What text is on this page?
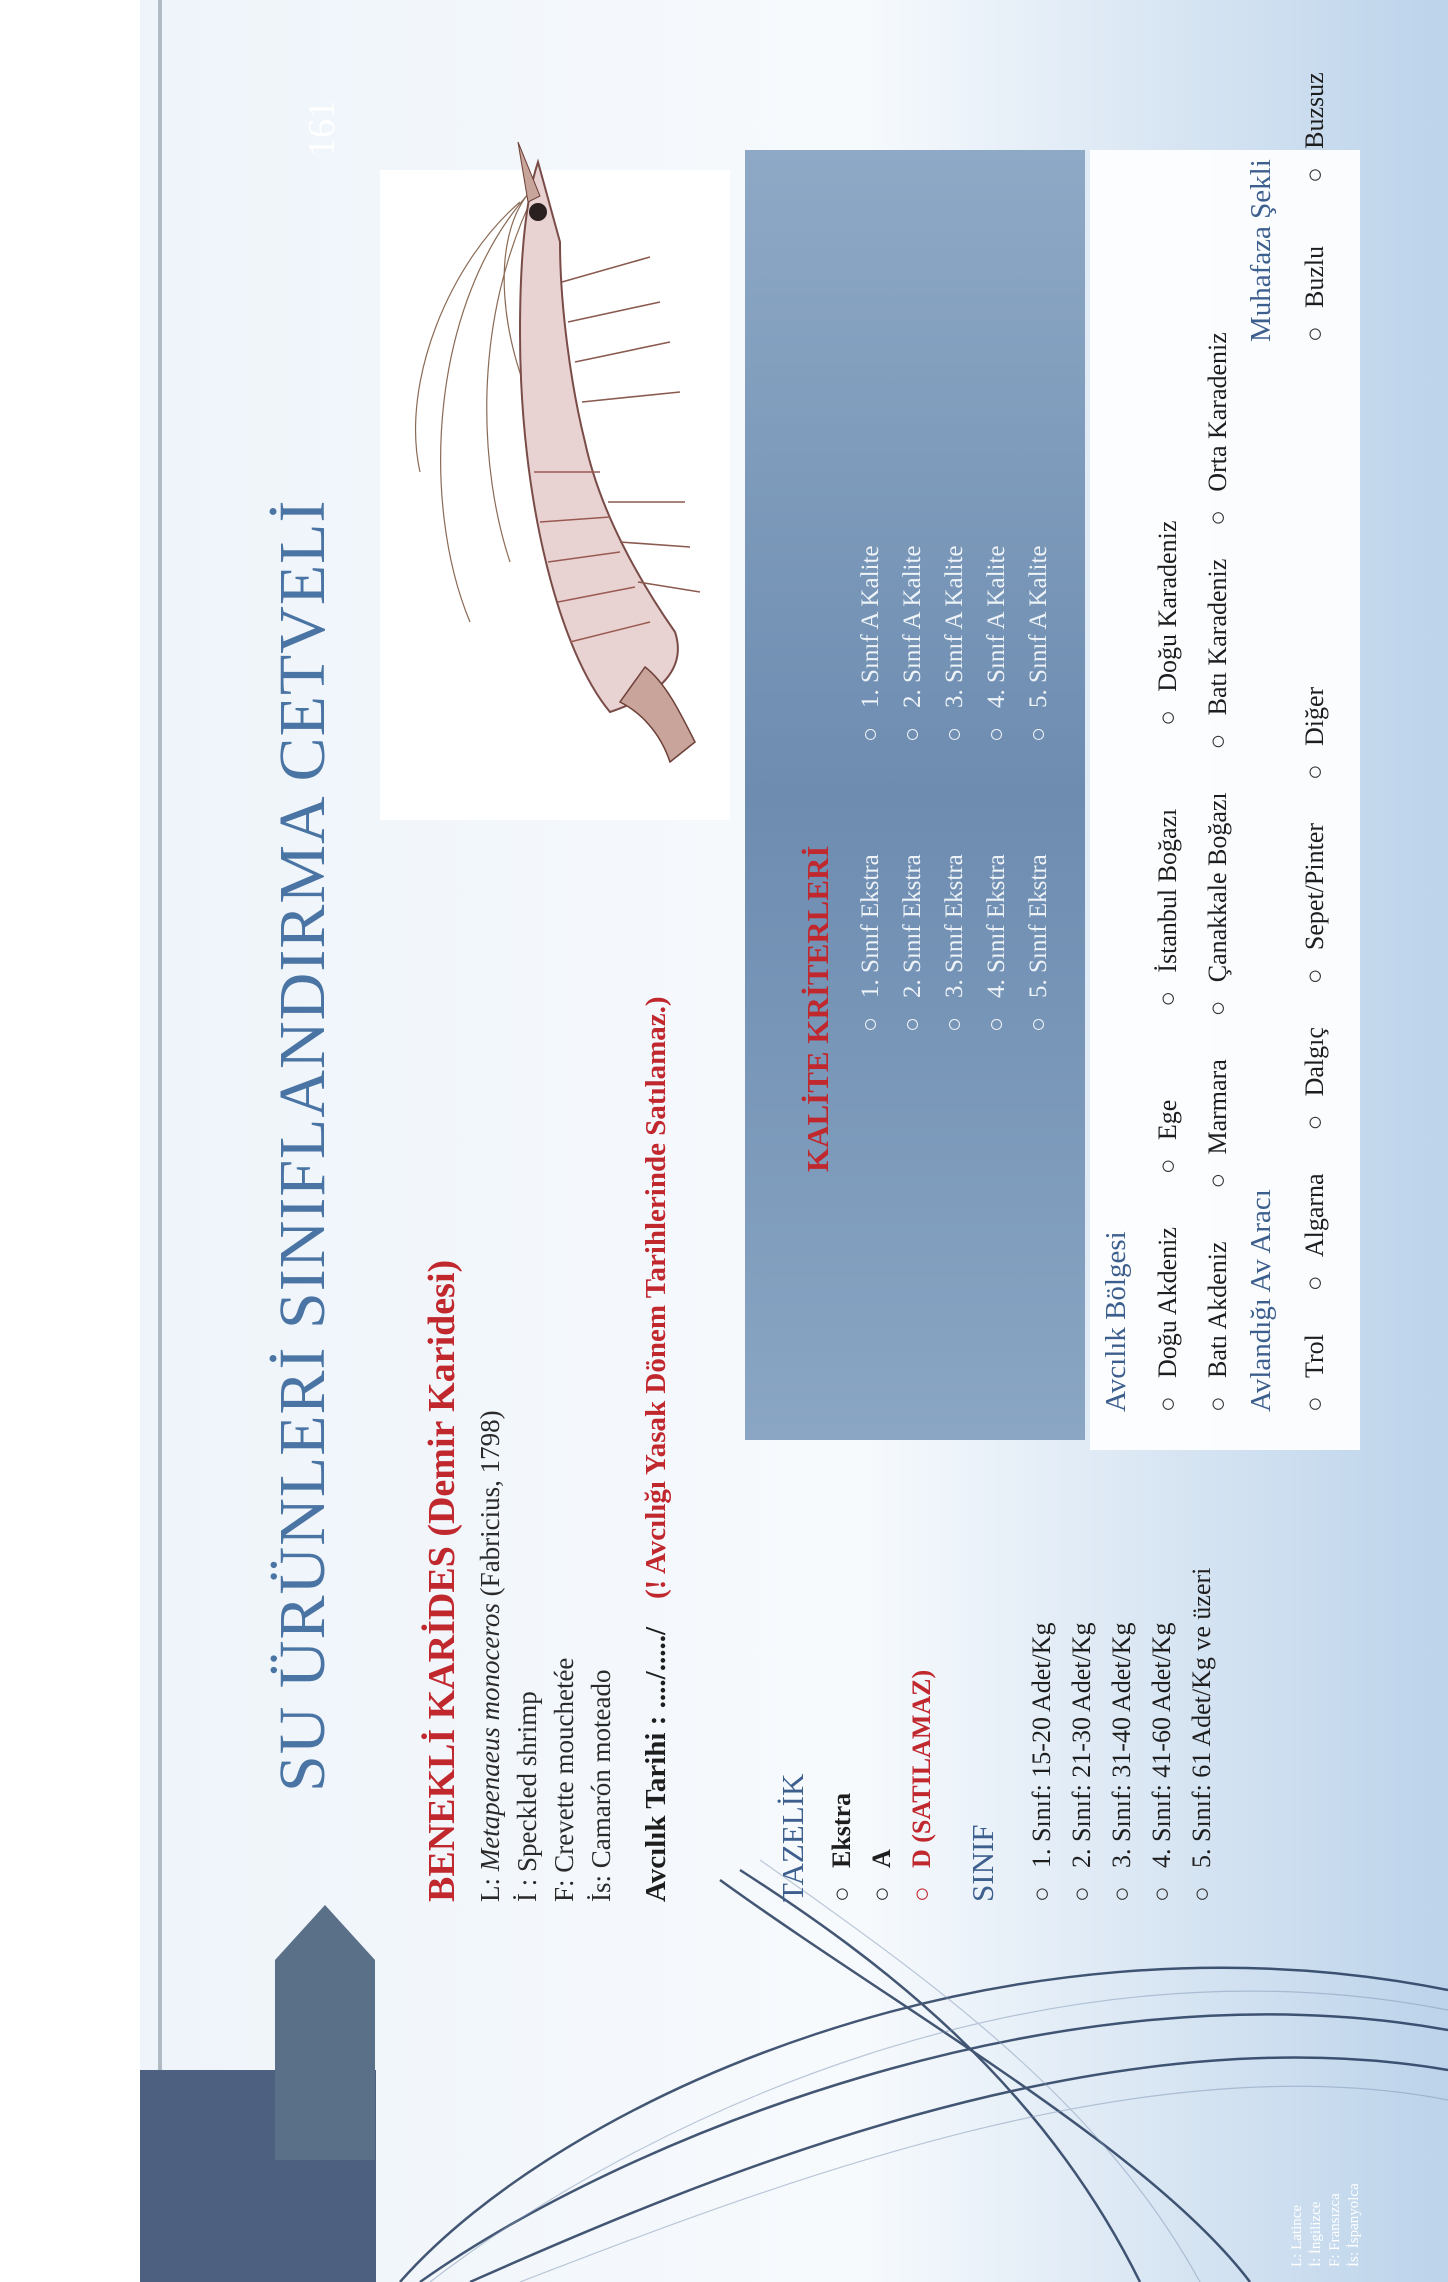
SU ÜRÜNLERİ SINIFLANDIRMA CETVELİ
161
BENEKLİ KARİDES (Demir Karidesi) L: Metapenaeus monoceros (Fabricius, 1798)
İ : Speckled shrimp F: Crevette mouchetée İs: Camarón moteado Avcılık Tarihi : ..../...../(! Avcılığı Yasak Dönem Tarihlerinde Satılamaz.)
TAZELİK ○Ekstra
○A
○D (SATILAMAZ) SINIF ○1. Sınıf: 15-20 Adet/Kg
○2. Sınıf: 21-30 Adet/Kg
○3. Sınıf: 31-40 Adet/Kg
○4. Sınıf: 41-60 Adet/Kg
○5. Sınıf: 61 Adet/Kg ve üzeri
KALİTE KRİTERLERİ ○1. Sınıf Ekstra
○2. Sınıf Ekstra
○3. Sınıf Ekstra
○4. Sınıf Ekstra
○5. Sınıf Ekstra
○1. Sınıf A Kalite
○2. Sınıf A Kalite
○3. Sınıf A Kalite
○4. Sınıf A Kalite
○5. Sınıf A Kalite
Avcılık Bölgesi ○Doğu Akdeniz  ○Ege  ○İstanbul Boğazı  ○Doğu Karadeniz
○Batı Akdeniz  ○Marmara  ○Çanakkale Boğazı  ○Batı Karadeniz  ○Orta Karadeniz
Avlandığı Av Aracı ○Trol  ○Algarna  ○Dalgıç  ○Sepet/Pinter  ○Diğer
Muhafaza Şekli ○Buzlu  ○Buzsuz
L: Latince İ: İngilizce F: Fransızca İs: İspanyolca
